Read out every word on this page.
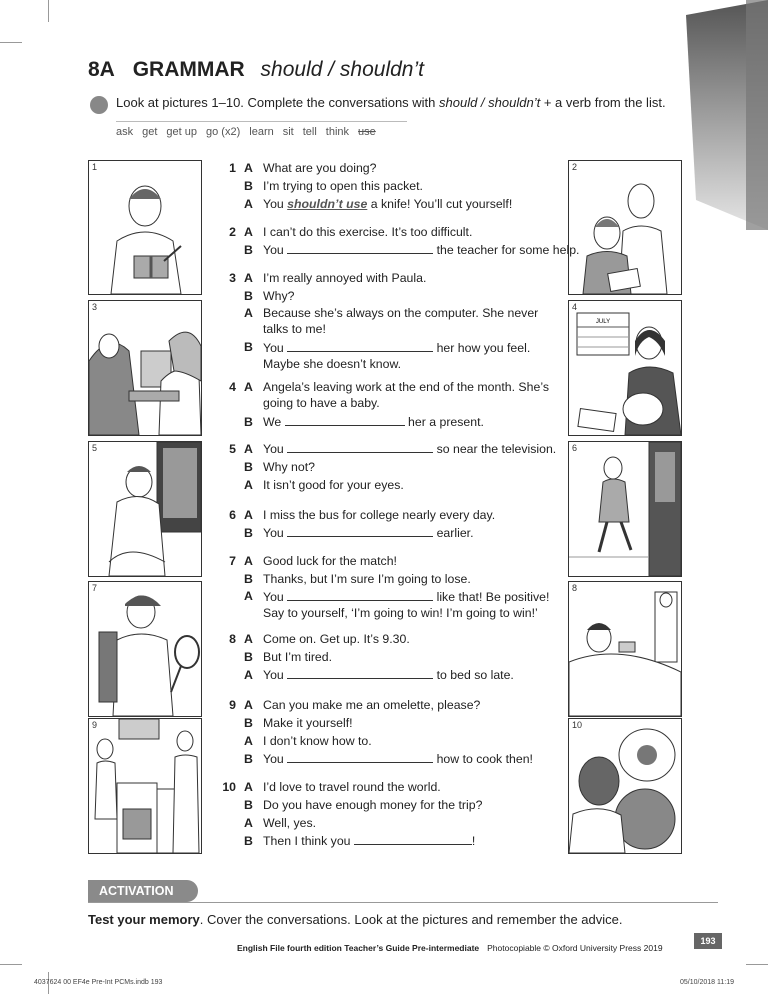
8A GRAMMAR should / shouldn’t
Look at pictures 1–10. Complete the conversations with should / shouldn’t + a verb from the list.
ask get get up go (x2) learn sit tell think use
1	2
3
JULY
4
5	6
7	8
9	10
1 A What are you doing?
B I’m trying to open this packet.
A You shouldn’t use a knife! You’ll cut yourself!
2 A I can’t do this exercise. It’s too difficult.
B You	the teacher for some help.
3 A I’m really annoyed with Paula.
B Why?
A Because she’s always on the computer. She never talks to me!
B You	her how you feel. Maybe she doesn’t know.
4 A Angela’s leaving work at the end of the month. She’s going to have a baby.
B We	her a present.
5 A You	so near the television.
B Why not?
A It isn’t good for your eyes.
6 A I miss the bus for college nearly every day.
B You	earlier.
7 A Good luck for the match!
B Thanks, but I’m sure I’m going to lose.
A You	like that! Be positive! Say to yourself, ‘I’m going to win! I’m going to win!’
8 A Come on. Get up. It’s 9.30.
B But I’m tired.
A You	to bed so late.
9 A Can you make me an omelette, please?
B Make it yourself!
A I don’t know how to.
B You	how to cook then!
10 A I’d love to travel round the world.
B Do you have enough money for the trip?
A Well, yes.
B Then I think you	!
ACTIVATION
Test your memory. Cover the conversations. Look at the pictures and remember the advice.
English File fourth edition Teacher’s Guide Pre-intermediate Photocopiable © Oxford University Press 2019
193
4037624 00 EF4e Pre-Int PCMs.indb 193	05/10/2018 11:19
